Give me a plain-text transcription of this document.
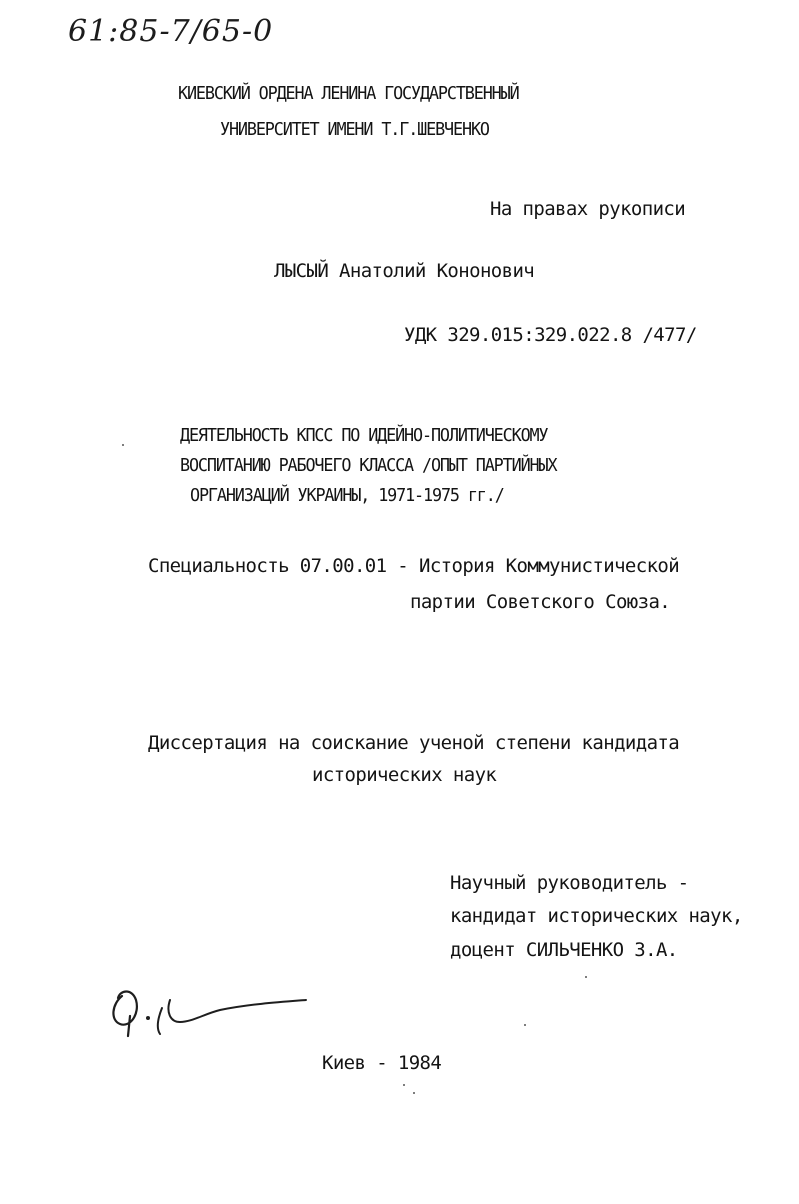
61:85-7/65-0
КИЕВСКИЙ ОРДЕНА ЛЕНИНА ГОСУДАРСТВЕННЫЙ
УНИВЕРСИТЕТ ИМЕНИ Т.Г.ШЕВЧЕНКО
На правах рукописи
ЛЫСЫЙ Анатолий Кононович
УДК 329.015:329.022.8 /477/
ДЕЯТЕЛЬНОСТЬ КПСС ПО ИДЕЙНО-ПОЛИТИЧЕСКОМУ
ВОСПИТАНИЮ РАБОЧЕГО КЛАССА /ОПЫТ ПАРТИЙНЫХ
ОРГАНИЗАЦИЙ УКРАИНЫ, 1971-1975 гг./
Специальность 07.00.01 - История Коммунистической
партии Советского Союза.
Диссертация на соискание ученой степени кандидата
исторических наук
Научный руководитель -
кандидат исторических наук,
доцент СИЛЬЧЕНКО З.А.
Киев - 1984
